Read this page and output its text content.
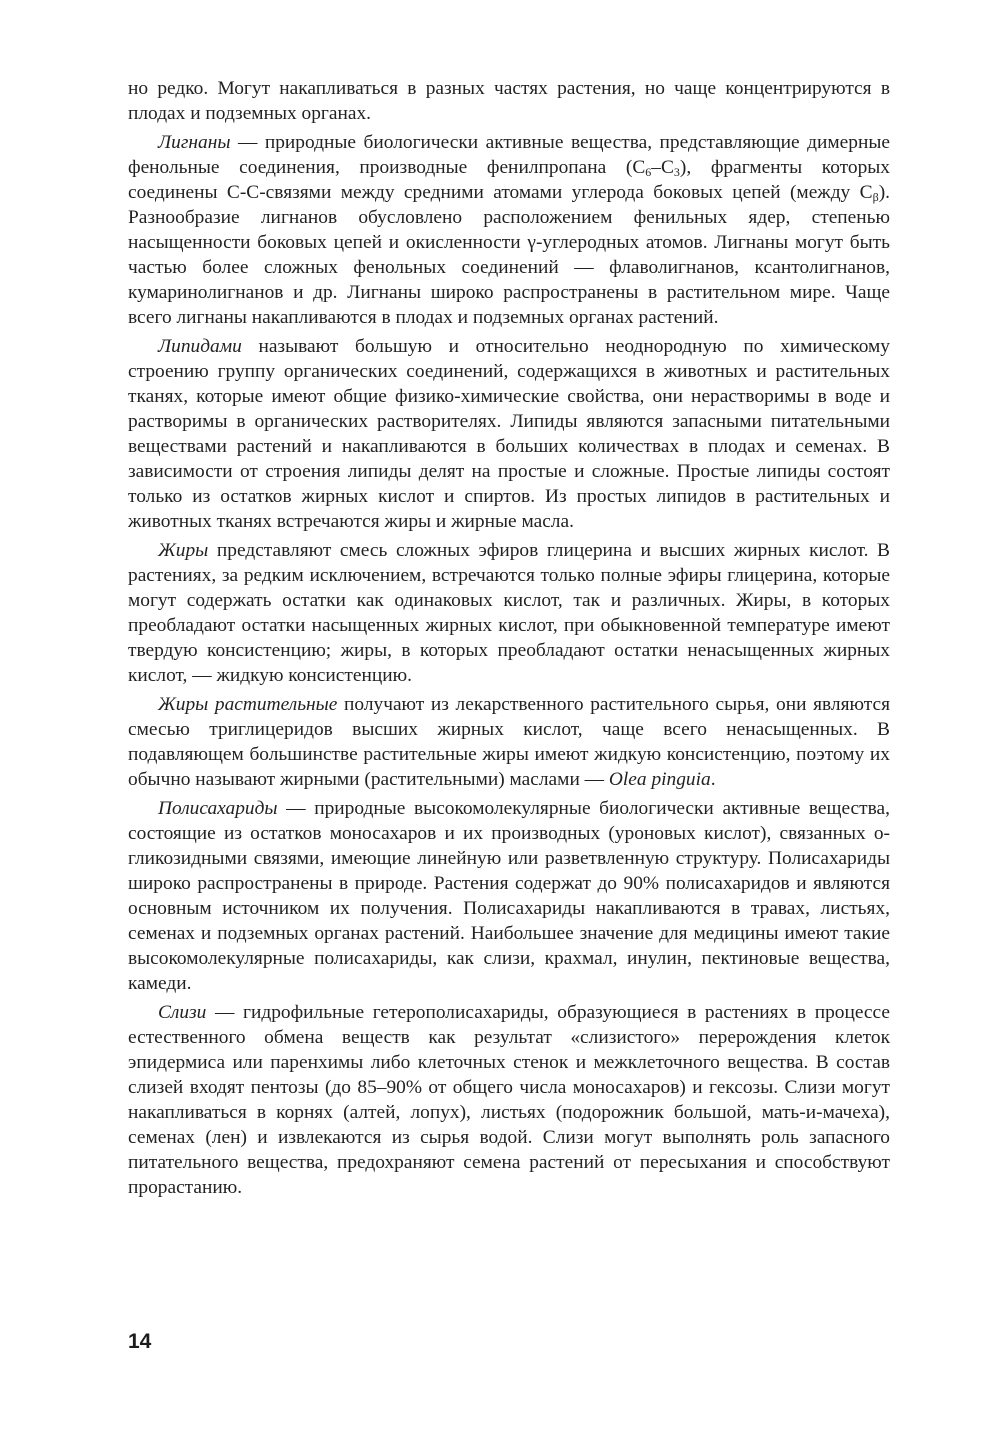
но редко. Могут накапливаться в разных частях растения, но чаще концентрируются в плодах и подземных органах.

Лигнаны — природные биологически активные вещества, представляющие димерные фенольные соединения, производные фенилпропана $(C_6-C_3)$, фрагменты которых соединены C-C-связями между средними атомами углерода боковых цепей (между $C_\beta$). Разнообразие лигнанов обусловлено расположением фенильных ядер, степенью насыщенности боковых цепей и окисленности γ-углеродных атомов. Лигнаны могут быть частью более сложных фенольных соединений — флаволигнанов, ксантолигнанов, кумаринолигнанов и др. Лигнаны широко распространены в растительном мире. Чаще всего лигнаны накапливаются в плодах и подземных органах растений.

Липидами называют большую и относительно неоднородную по химическому строению группу органических соединений, содержащихся в животных и растительных тканях, которые имеют общие физико-химические свойства, они нерастворимы в воде и растворимы в органических растворителях. Липиды являются запасными питательными веществами растений и накапливаются в больших количествах в плодах и семенах. В зависимости от строения липиды делят на простые и сложные. Простые липиды состоят только из остатков жирных кислот и спиртов. Из простых липидов в растительных и животных тканях встречаются жиры и жирные масла.

Жиры представляют смесь сложных эфиров глицерина и высших жирных кислот. В растениях, за редким исключением, встречаются только полные эфиры глицерина, которые могут содержать остатки как одинаковых кислот, так и различных. Жиры, в которых преобладают остатки насыщенных жирных кислот, при обыкновенной температуре имеют твердую консистенцию; жиры, в которых преобладают остатки ненасыщенных жирных кислот, — жидкую консистенцию.

Жиры растительные получают из лекарственного растительного сырья, они являются смесью триглицеридов высших жирных кислот, чаще всего ненасыщенных. В подавляющем большинстве растительные жиры имеют жидкую консистенцию, поэтому их обычно называют жирными (растительными) маслами — Olea pinguia.

Полисахариды — природные высокомолекулярные биологически активные вещества, состоящие из остатков моносахаров и их производных (уроновых кислот), связанных о-гликозидными связями, имеющие линейную или разветвленную структуру. Полисахариды широко распространены в природе. Растения содержат до 90% полисахаридов и являются основным источником их получения. Полисахариды накапливаются в травах, листьях, семенах и подземных органах растений. Наибольшее значение для медицины имеют такие высокомолекулярные полисахариды, как слизи, крахмал, инулин, пектиновые вещества, камеди.

Слизи — гидрофильные гетерополисахариды, образующиеся в растениях в процессе естественного обмена веществ как результат «слизистого» перерождения клеток эпидермиса или паренхимы либо клеточных стенок и межклеточного вещества. В состав слизей входят пентозы (до 85–90% от общего числа моносахаров) и гексозы. Слизи могут накапливаться в корнях (алтей, лопух), листьях (подорожник большой, мать-и-мачеха), семенах (лен) и извлекаются из сырья водой. Слизи могут выполнять роль запасного питательного вещества, предохраняют семена растений от пересыхания и способствуют прорастанию.

14
